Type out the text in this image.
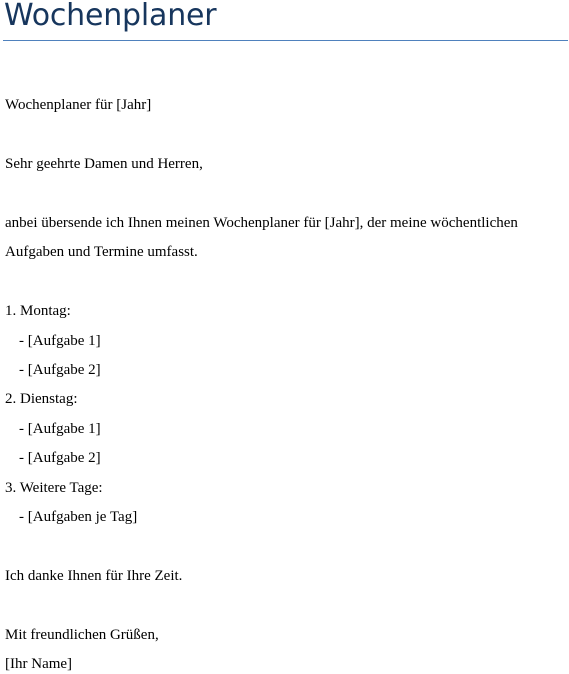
Wochenplaner
Wochenplaner für [Jahr]
Sehr geehrte Damen und Herren,
anbei übersende ich Ihnen meinen Wochenplaner für [Jahr], der meine wöchentlichen
Aufgaben und Termine umfasst.
1. Montag:
- [Aufgabe 1]
- [Aufgabe 2]
2. Dienstag:
- [Aufgabe 1]
- [Aufgabe 2]
3. Weitere Tage:
- [Aufgaben je Tag]
Ich danke Ihnen für Ihre Zeit.
Mit freundlichen Grüßen,
[Ihr Name]
